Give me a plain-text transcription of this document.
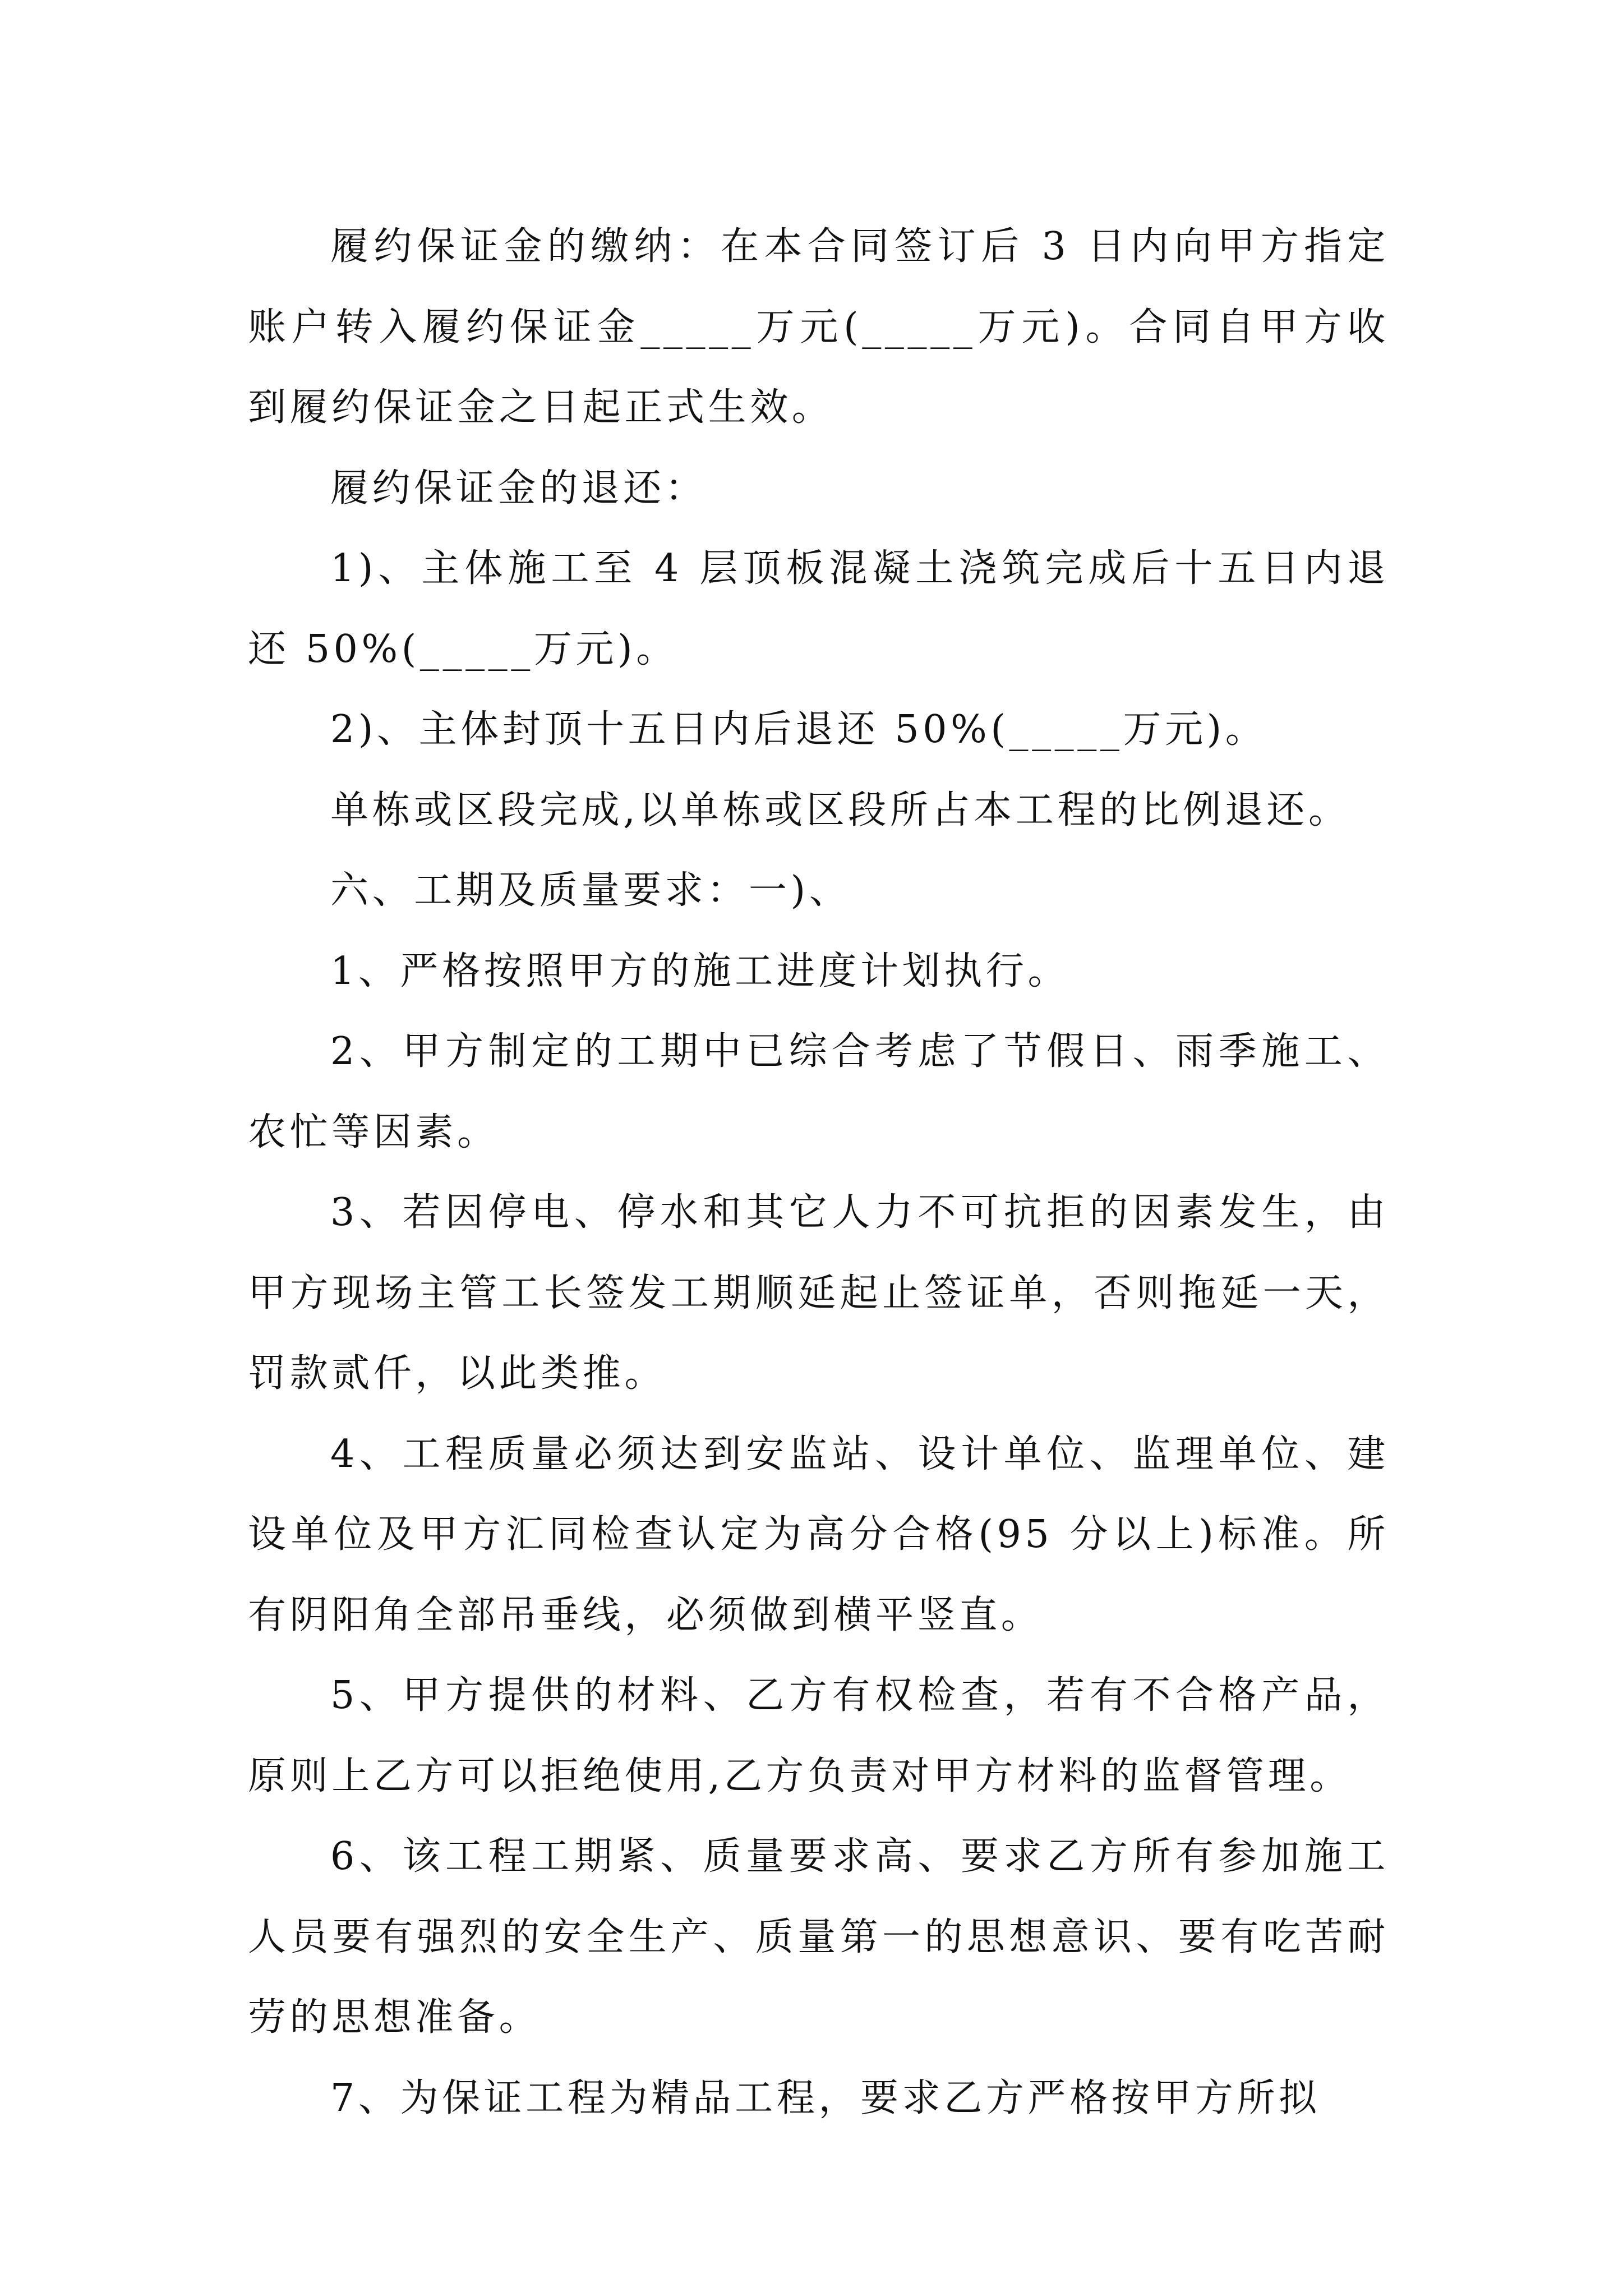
履约保证金的缴纳：在本合同签订后 3 日内向甲方指定账户转入履约保证金_____万元(_____万元)。合同自甲方收到履约保证金之日起正式生效。

履约保证金的退还：

1)、主体施工至 4 层顶板混凝土浇筑完成后十五日内退还 50%(_____万元)。

2)、主体封顶十五日内后退还 50%(_____万元)。

单栋或区段完成,以单栋或区段所占本工程的比例退还。

六、工期及质量要求：一)、

1、严格按照甲方的施工进度计划执行。

2、甲方制定的工期中已综合考虑了节假日、雨季施工、农忙等因素。

3、若因停电、停水和其它人力不可抗拒的因素发生，由甲方现场主管工长签发工期顺延起止签证单，否则拖延一天，罚款贰仟，以此类推。

4、工程质量必须达到安监站、设计单位、监理单位、建设单位及甲方汇同检查认定为高分合格(95 分以上)标准。所有阴阳角全部吊垂线，必须做到横平竖直。

5、甲方提供的材料、乙方有权检查，若有不合格产品，原则上乙方可以拒绝使用,乙方负责对甲方材料的监督管理。

6、该工程工期紧、质量要求高、要求乙方所有参加施工人员要有强烈的安全生产、质量第一的思想意识、要有吃苦耐劳的思想准备。

7、为保证工程为精品工程，要求乙方严格按甲方所拟
